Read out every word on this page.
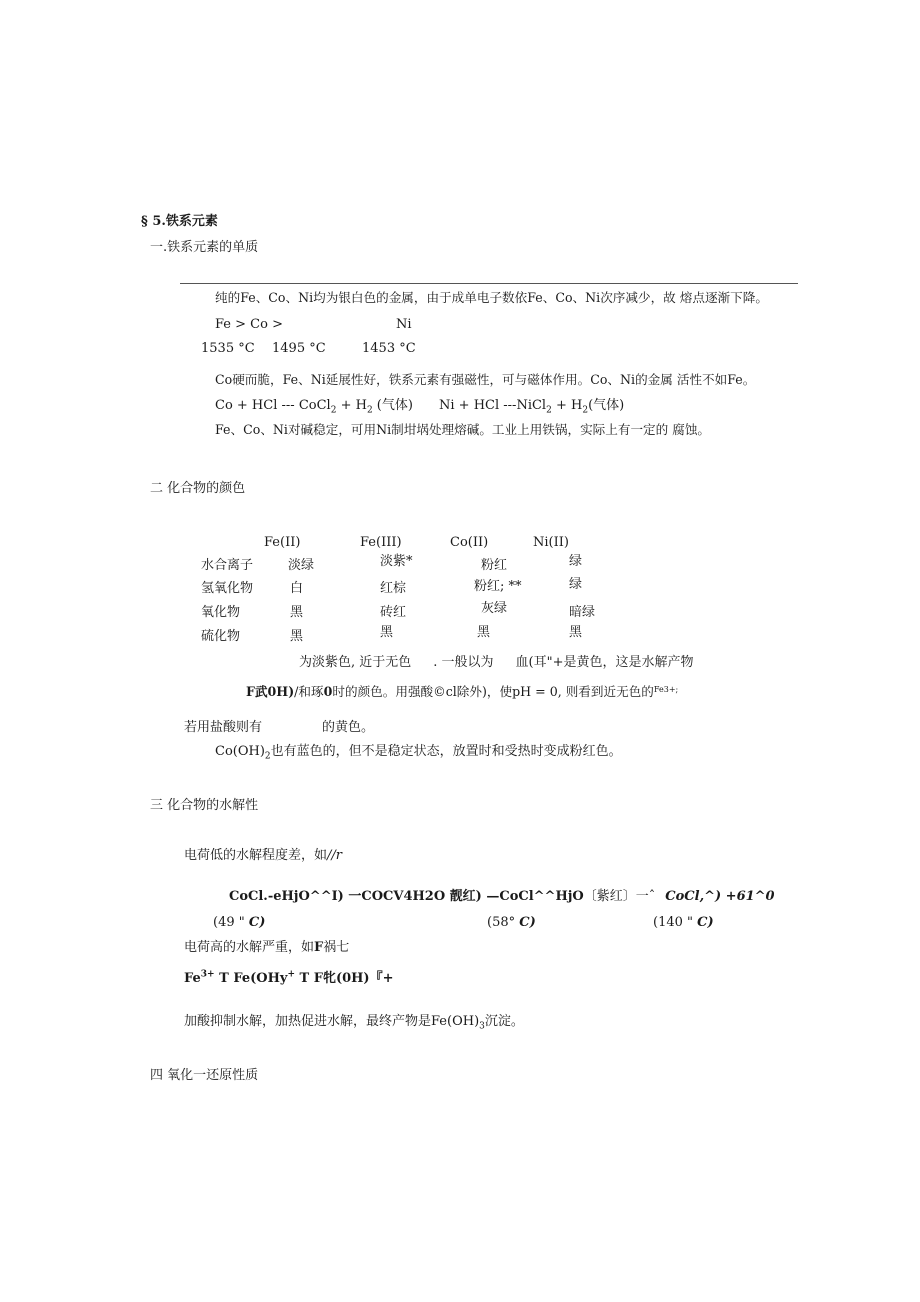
§ 5.铁系元素
一.铁系元素的单质
纯的Fe、Co、Ni均为银白色的金属，由于成单电子数依Fe、Co、Ni次序减少，故 熔点逐渐下降。
Fe > Co >	Ni
1535 °C 1495 °C	1453 °C
Co硬而脆，Fe、Ni延展性好，铁系元素有强磁性，可与磁体作用。Co、Ni的金属 活性不如Fe。
Co + HCl --- CoCl$_2$ + $H_2$ (气体) Ni + HCl ---NiCl$_2$ + $H_2$(气体)
Fe、Co、Ni对碱稳定，可用Ni制坩埚处理熔碱。工业上用铁锅，实际上有一定的 腐蚀。
二 化合物的颜色
Fe(II)	Fe(III)	Co(II)	Ni(II)
水合离子	淡绿	淡紫*	粉红	绿
氢氧化物	白	红棕	粉红; **	绿
氧化物	黑	砖红	灰绿	暗绿
硫化物	黑	黑	黑	黑
为淡紫色, 近于无色 . 一般以为 血(耳"+是黄色，这是水解产物
F武0H)/和琢0时的颜色。用强酸©cl除外)，使pH = 0, 则看到近无色的$^{Fe3+;}$
若用盐酸则有	的黄色。
$Co(OH)_2$也有蓝色的，但不是稳定状态，放置时和受热时变成粉红色。
三 化合物的水解性
电荷低的水解程度差，如//r
CoCl.-eHjO^^I) 一COCV4H2O 靓红) —CoCl^^HjO〔紫红〕一ˆ CoCl,^) +61^0
(49 " C)	(58° C)	(140 " C)
电荷高的水解严重，如F祸七
$Fe^{3+}$ T Fe(OHy+ T F牝(0H)『+
加酸抑制水解，加热促进水解，最终产物是$Fe(OH)_3$沉淀。
四 氧化一还原性质
